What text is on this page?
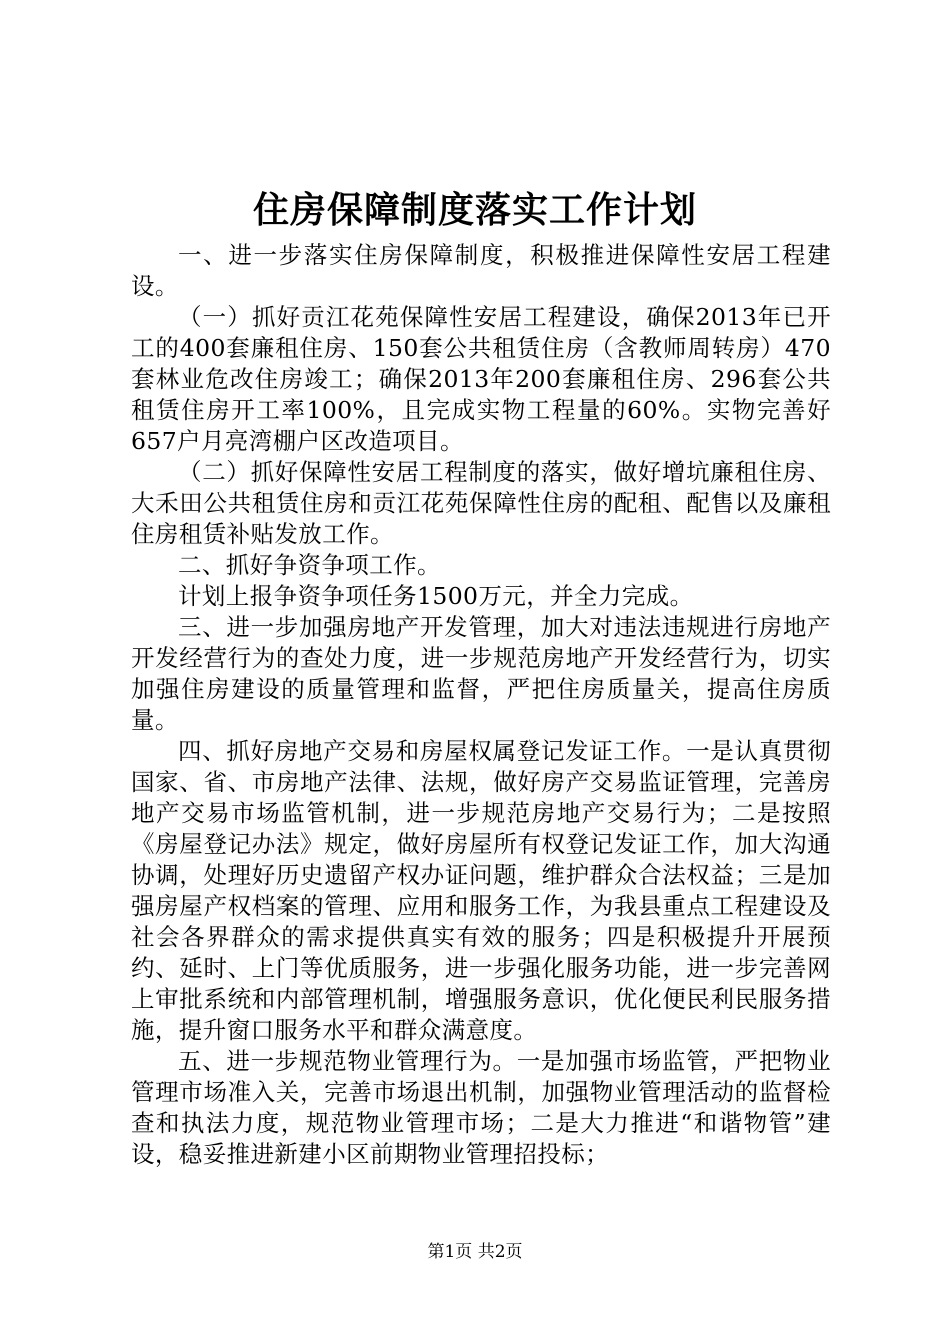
住房保障制度落实工作计划

一、进一步落实住房保障制度，积极推进保障性安居工程建设。

（一）抓好贡江花苑保障性安居工程建设，确保2013年已开工的400套廉租住房、150套公共租赁住房（含教师周转房）470套林业危改住房竣工；确保2013年200套廉租住房、296套公共租赁住房开工率100%，且完成实物工程量的60%。实物完善好657户月亮湾棚户区改造项目。

（二）抓好保障性安居工程制度的落实，做好增坑廉租住房、大禾田公共租赁住房和贡江花苑保障性住房的配租、配售以及廉租住房租赁补贴发放工作。

二、抓好争资争项工作。

计划上报争资争项任务1500万元，并全力完成。

三、进一步加强房地产开发管理，加大对违法违规进行房地产开发经营行为的查处力度，进一步规范房地产开发经营行为，切实加强住房建设的质量管理和监督，严把住房质量关，提高住房质量。

四、抓好房地产交易和房屋权属登记发证工作。一是认真贯彻国家、省、市房地产法律、法规，做好房产交易监证管理，完善房地产交易市场监管机制，进一步规范房地产交易行为；二是按照《房屋登记办法》规定，做好房屋所有权登记发证工作，加大沟通协调，处理好历史遗留产权办证问题，维护群众合法权益；三是加强房屋产权档案的管理、应用和服务工作，为我县重点工程建设及社会各界群众的需求提供真实有效的服务；四是积极提升开展预约、延时、上门等优质服务，进一步强化服务功能，进一步完善网上审批系统和内部管理机制，增强服务意识，优化便民利民服务措施，提升窗口服务水平和群众满意度。

五、进一步规范物业管理行为。一是加强市场监管，严把物业管理市场准入关，完善市场退出机制，加强物业管理活动的监督检查和执法力度，规范物业管理市场；二是大力推进“和谐物管”建设，稳妥推进新建小区前期物业管理招投标；

第1页 共2页
